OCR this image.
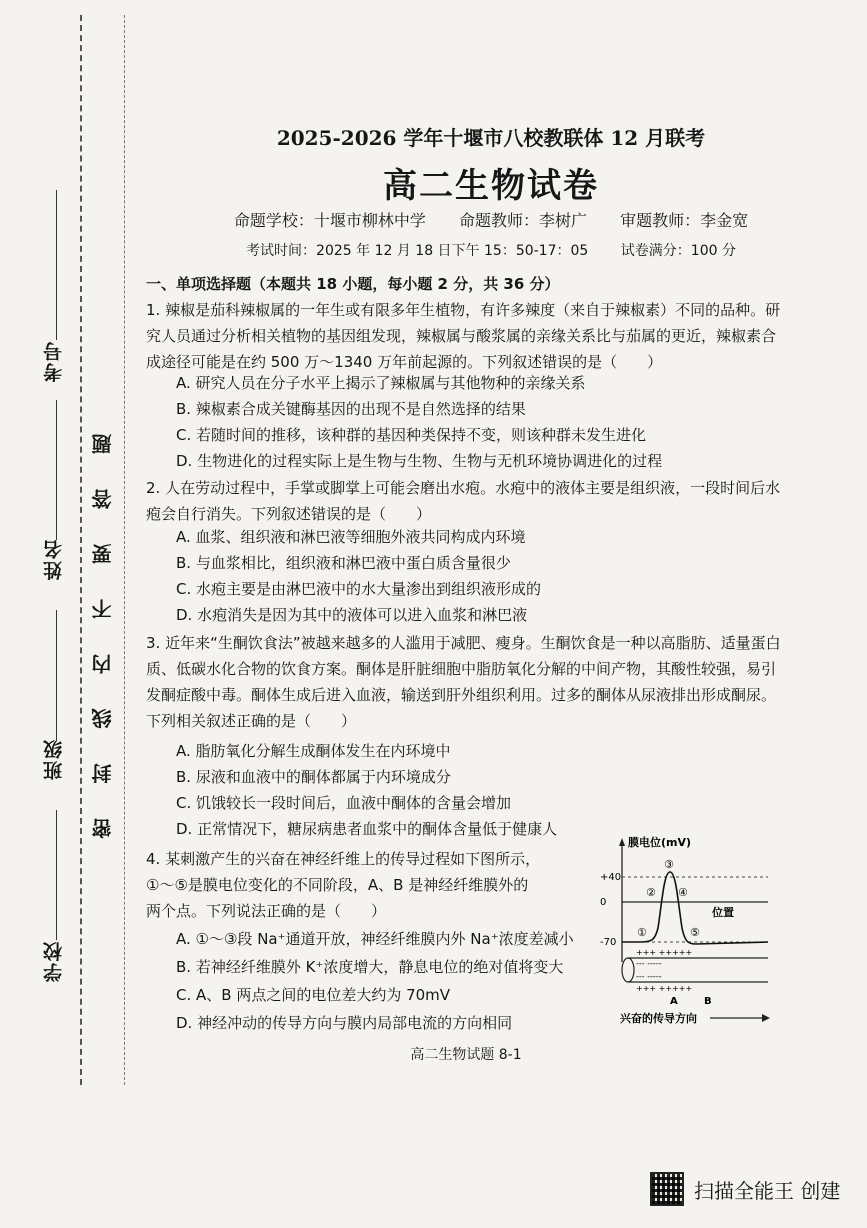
考号
姓名
班级
学校
密 封 线 内 不 要 答 题
2025-2026 学年十堰市八校教联体 12 月联考
高二生物试卷
命题学校：十堰市柳林中学 命题教师：李树广 审题教师：李金宽
考试时间：2025 年 12 月 18 日下午 15：50-17：05 试卷满分：100 分
一、单项选择题（本题共 18 小题，每小题 2 分，共 36 分）
1. 辣椒是茄科辣椒属的一年生或有限多年生植物，有许多辣度（来自于辣椒素）不同的品种。研究人员通过分析相关植物的基因组发现，辣椒属与酸浆属的亲缘关系比与茄属的更近，辣椒素合成途径可能是在约 500 万～1340 万年前起源的。下列叙述错误的是（　　）
A. 研究人员在分子水平上揭示了辣椒属与其他物种的亲缘关系
B. 辣椒素合成关键酶基因的出现不是自然选择的结果
C. 若随时间的推移，该种群的基因种类保持不变，则该种群未发生进化
D. 生物进化的过程实际上是生物与生物、生物与无机环境协调进化的过程
2. 人在劳动过程中，手掌或脚掌上可能会磨出水疱。水疱中的液体主要是组织液，一段时间后水疱会自行消失。下列叙述错误的是（　　）
A. 血浆、组织液和淋巴液等细胞外液共同构成内环境
B. 与血浆相比，组织液和淋巴液中蛋白质含量很少
C. 水疱主要是由淋巴液中的水大量渗出到组织液形成的
D. 水疱消失是因为其中的液体可以进入血浆和淋巴液
3. 近年来“生酮饮食法”被越来越多的人滥用于减肥、瘦身。生酮饮食是一种以高脂肪、适量蛋白质、低碳水化合物的饮食方案。酮体是肝脏细胞中脂肪氧化分解的中间产物，其酸性较强，易引发酮症酸中毒。酮体生成后进入血液，输送到肝外组织利用。过多的酮体从尿液排出形成酮尿。下列相关叙述正确的是（　　）
A. 脂肪氧化分解生成酮体发生在内环境中
B. 尿液和血液中的酮体都属于内环境成分
C. 饥饿较长一段时间后，血液中酮体的含量会增加
D. 正常情况下，糖尿病患者血浆中的酮体含量低于健康人
4. 某刺激产生的兴奋在神经纤维上的传导过程如下图所示，
①～⑤是膜电位变化的不同阶段，A、B 是神经纤维膜外的
两个点。下列说法正确的是（　　）
A. ①～③段 Na⁺通道开放，神经纤维膜内外 Na⁺浓度差减小
B. 若神经纤维膜外 K⁺浓度增大，静息电位的绝对值将变大
C. A、B 两点之间的电位差大约为 70mV
D. 神经冲动的传导方向与膜内局部电流的方向相同
膜电位(mV)
0
位置
+40
-70
①
②
③
④
⑤
+++ +++++
--- -----
--- -----
+++ +++++
A	B
兴奋的传导方向
高二生物试题 8-1
扫描全能王 创建
